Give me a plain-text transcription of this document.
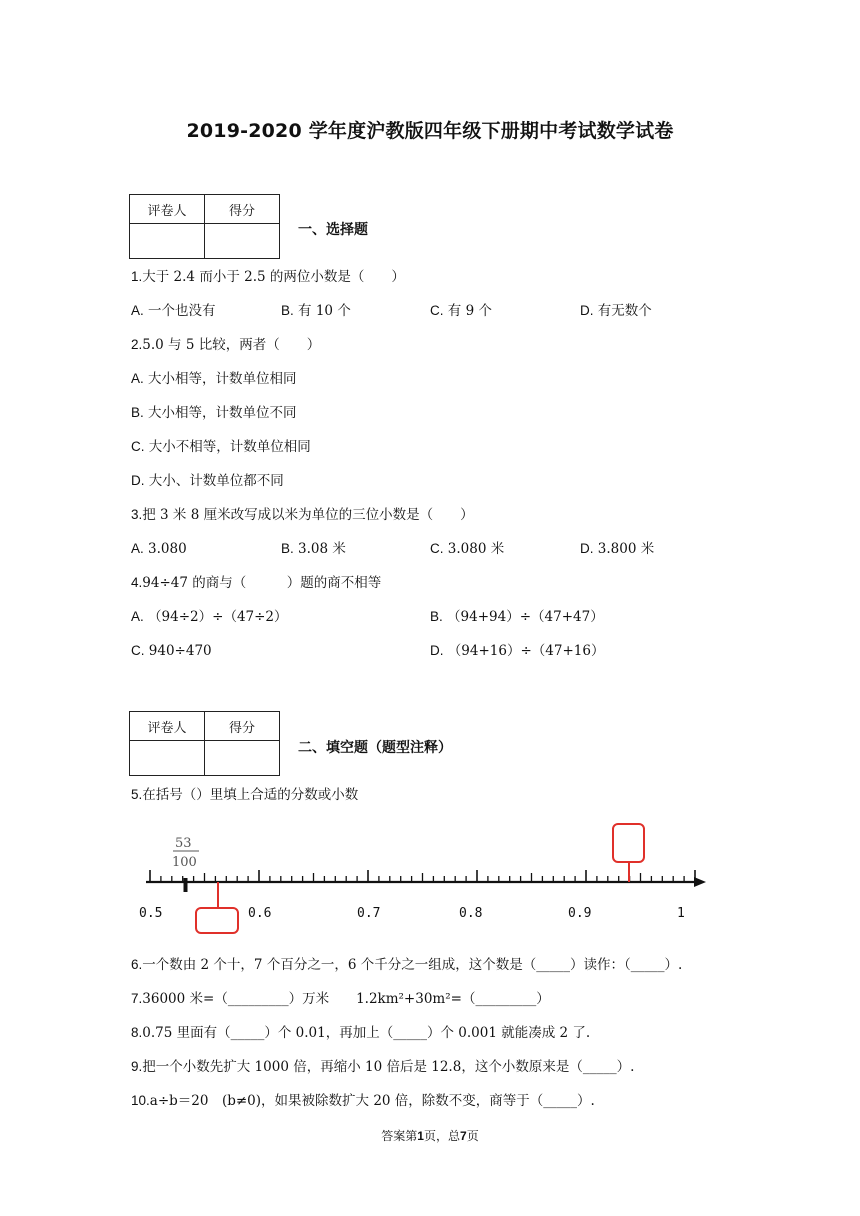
2019-2020 学年度沪教版四年级下册期中考试数学试卷
评卷人	得分

一、选择题
1.大于 2.4 而小于 2.5 的两位小数是（　　）
A. 一个也没有	B. 有 10 个	C. 有 9 个	D. 有无数个
2.5.0 与 5 比较，两者（　　）
A. 大小相等，计数单位相同
B. 大小相等，计数单位不同
C. 大小不相等，计数单位相同
D. 大小、计数单位都不同
3.把 3 米 8 厘米改写成以米为单位的三位小数是（　　）
A. 3.080	B. 3.08 米	C. 3.080 米	D. 3.800 米
4.94÷47 的商与（　　　）题的商不相等
A. （94÷2）÷（47÷2）	B. （94+94）÷（47+47）
C. 940÷470	D. （94+16）÷（47+16）
评卷人	得分

二、填空题（题型注释）
5.在括号（）里填上合适的分数或小数
53
100
0.5	0.6	0.7	0.8	0.9	1
6.一个数由 2 个十，7 个百分之一，6 个千分之一组成，这个数是（_____）读作：（_____）.
7.36000 米=（_________）万米　　1.2km²+30m²=（_________）
8.0.75 里面有（_____）个 0.01，再加上（_____）个 0.001 就能凑成 2 了.
9.把一个小数先扩大 1000 倍，再缩小 10 倍后是 12.8，这个小数原来是（_____）.
10.a÷b＝20　(b≠0)，如果被除数扩大 20 倍，除数不变，商等于（_____）.
答案第1页，总7页
